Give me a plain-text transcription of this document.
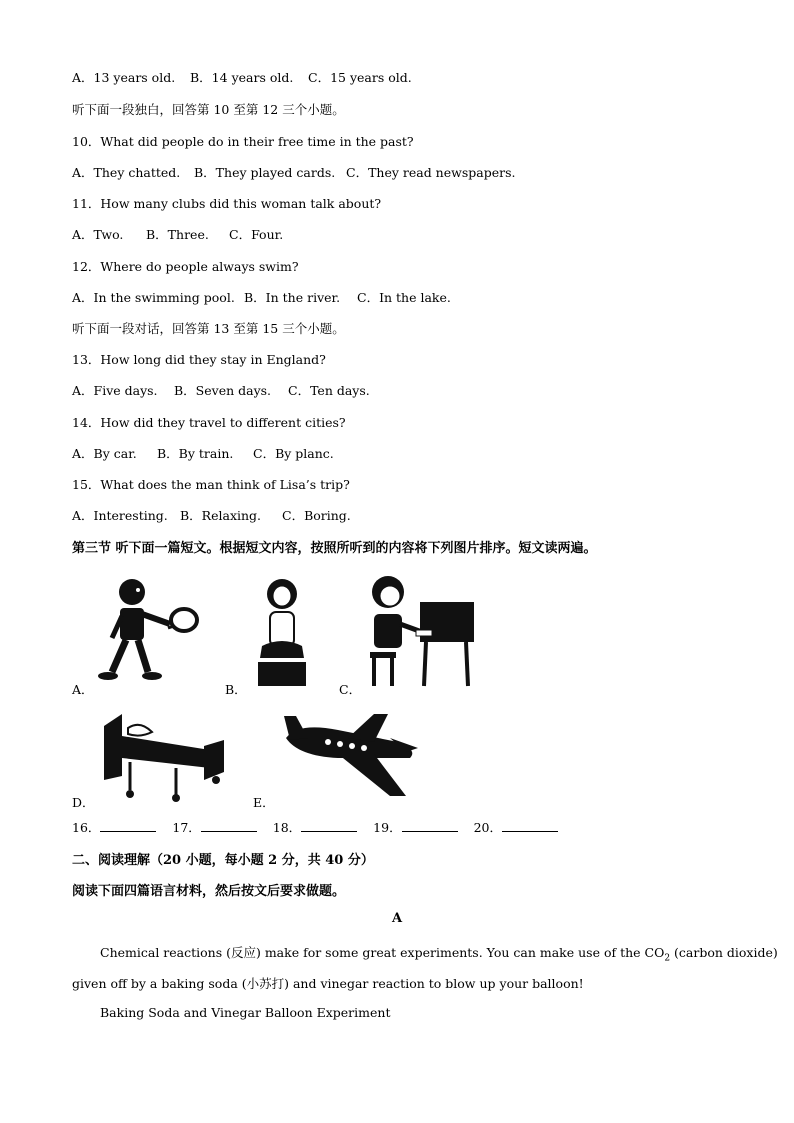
A．13 years old. B．14 years old. C．15 years old.
听下面一段独白，回答第 10 至第 12 三个小题。
10．What did people do in their free time in the past?
A．They chatted. B．They played cards. C．They read newspapers.
11．How many clubs did this woman talk about?
A．Two. B．Three. C．Four.
12．Where do people always swim?
A．In the swimming pool. B．In the river. C．In the lake.
听下面一段对话，回答第 13 至第 15 三个小题。
13．How long did they stay in England?
A．Five days. B．Seven days. C．Ten days.
14．How did they travel to different cities?
A．By car. B．By train. C．By planc.
15．What does the man think of Lisa’s trip?
A．Interesting. B．Relaxing. C．Boring.
第三节 听下面一篇短文。根据短文内容，按照所听到的内容将下列图片排序。短文读两遍。
A．	B．	C．
D．	E．
16．	17．	18．	19．	20．
二、阅读理解（20 小题，每小题 2 分，共 40 分）
阅读下面四篇语言材料，然后按文后要求做题。
A
Chemical reactions (反应) make for some great experiments. You can make use of the $CO_2$ (carbon dioxide)
given off by a baking soda (小苏打) and vinegar reaction to blow up your balloon!
Baking Soda and Vinegar Balloon Experiment
